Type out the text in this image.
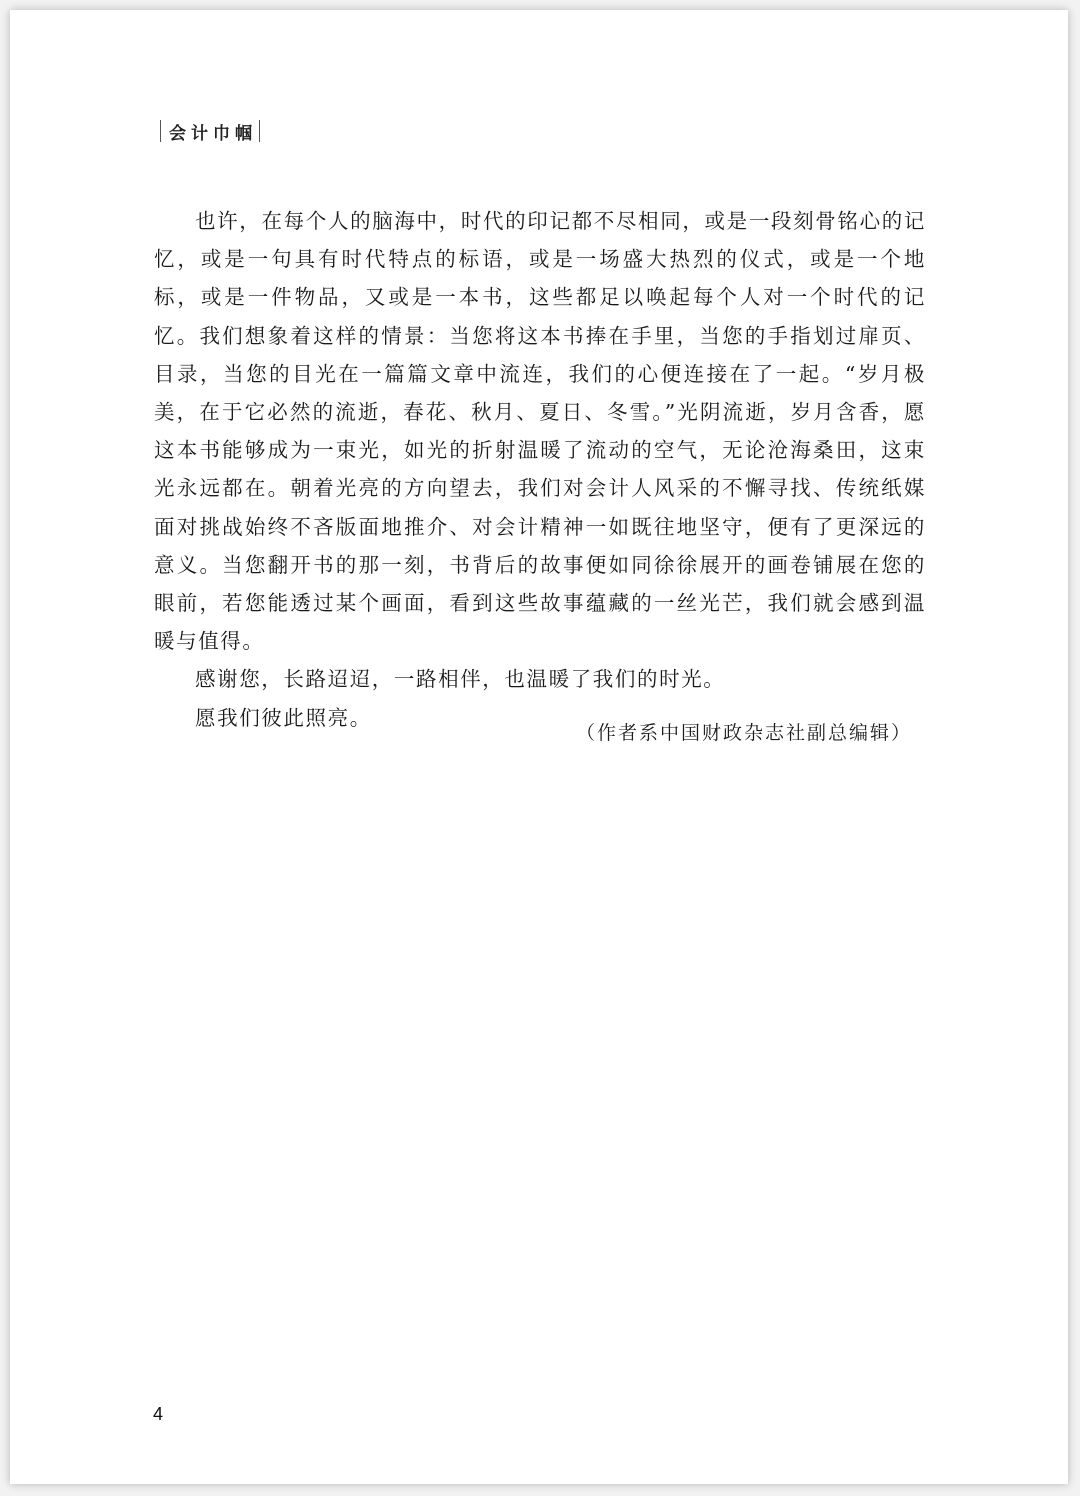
会计巾帼

也许，在每个人的脑海中，时代的印记都不尽相同，或是一段刻骨铭心的记忆，或是一句具有时代特点的标语，或是一场盛大热烈的仪式，或是一个地标，或是一件物品，又或是一本书，这些都足以唤起每个人对一个时代的记忆。我们想象着这样的情景：当您将这本书捧在手里，当您的手指划过扉页、目录，当您的目光在一篇篇文章中流连，我们的心便连接在了一起。“岁月极美，在于它必然的流逝，春花、秋月、夏日、冬雪。”光阴流逝，岁月含香，愿这本书能够成为一束光，如光的折射温暖了流动的空气，无论沧海桑田，这束光永远都在。朝着光亮的方向望去，我们对会计人风采的不懈寻找、传统纸媒面对挑战始终不吝版面地推介、对会计精神一如既往地坚守，便有了更深远的意义。当您翻开书的那一刻，书背后的故事便如同徐徐展开的画卷铺展在您的眼前，若您能透过某个画面，看到这些故事蕴藏的一丝光芒，我们就会感到温暖与值得。

感谢您，长路迢迢，一路相伴，也温暖了我们的时光。

愿我们彼此照亮。

（作者系中国财政杂志社副总编辑）
4
